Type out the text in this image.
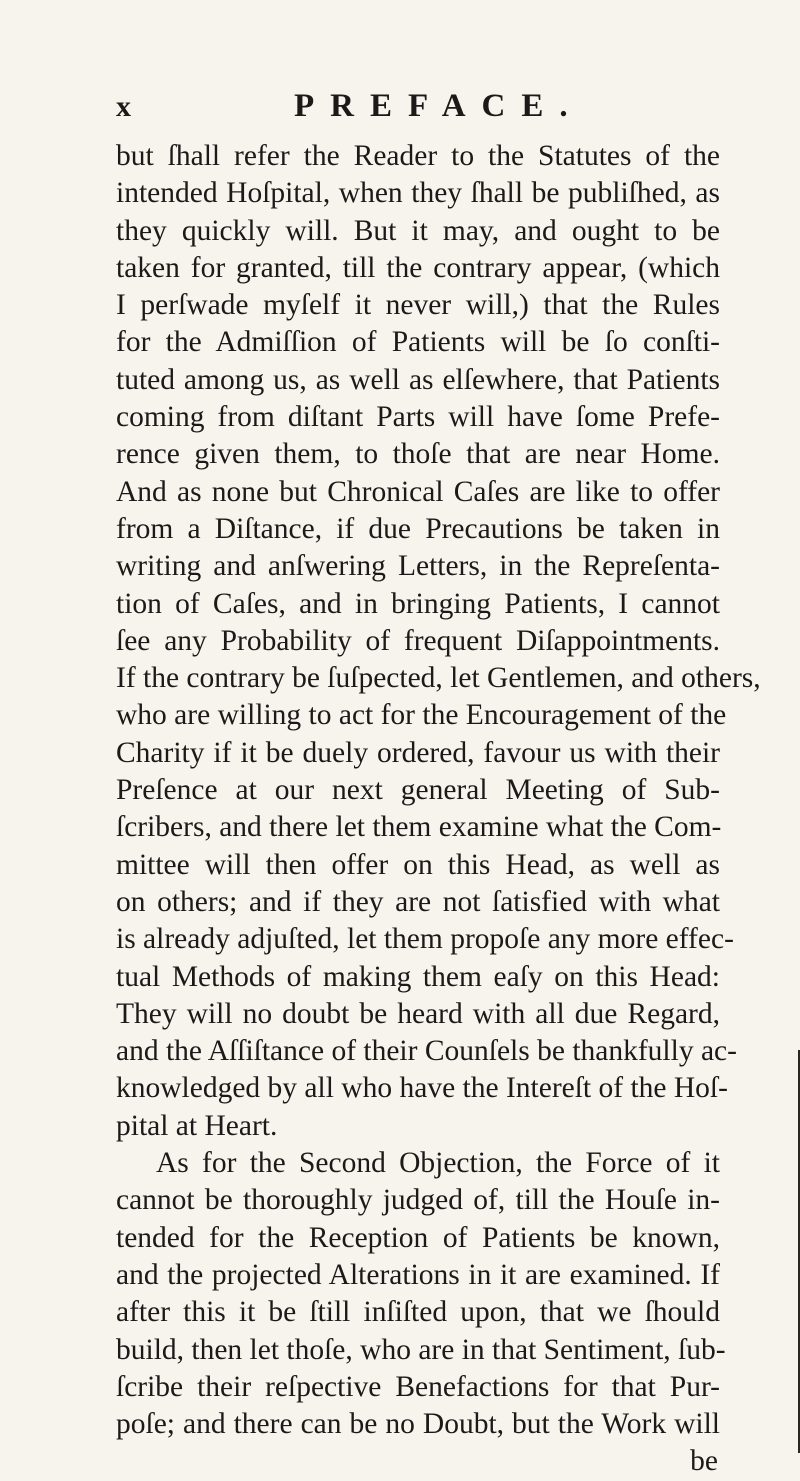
x	PREFACE.
but ſhall refer the Reader to the Statutes of the
intended Hoſpital, when they ſhall be publiſhed, as
they quickly will. But it may, and ought to be
taken for granted, till the contrary appear, (which
I perſwade myſelf it never will,) that the Rules
for the Admiſſion of Patients will be ſo conſti-
tuted among us, as well as elſewhere, that Patients
coming from diſtant Parts will have ſome Prefe-
rence given them, to thoſe that are near Home.
And as none but Chronical Caſes are like to offer
from a Diſtance, if due Precautions be taken in
writing and anſwering Letters, in the Repreſenta-
tion of Caſes, and in bringing Patients, I cannot
ſee any Probability of frequent Diſappointments.
If the contrary be ſuſpected, let Gentlemen, and others,
who are willing to act for the Encouragement of the
Charity if it be duely ordered, favour us with their
Preſence at our next general Meeting of Sub-
ſcribers, and there let them examine what the Com-
mittee will then offer on this Head, as well as
on others; and if they are not ſatisfied with what
is already adjuſted, let them propoſe any more effec-
tual Methods of making them eaſy on this Head:
They will no doubt be heard with all due Regard,
and the Aſſiſtance of their Counſels be thankfully ac-
knowledged by all who have the Intereſt of the Hoſ-
pital at Heart.
As for the Second Objection, the Force of it
cannot be thoroughly judged of, till the Houſe in-
tended for the Reception of Patients be known,
and the projected Alterations in it are examined. If
after this it be ſtill inſiſted upon, that we ſhould
build, then let thoſe, who are in that Sentiment, ſub-
ſcribe their reſpective Benefactions for that Pur-
poſe; and there can be no Doubt, but the Work will
be
